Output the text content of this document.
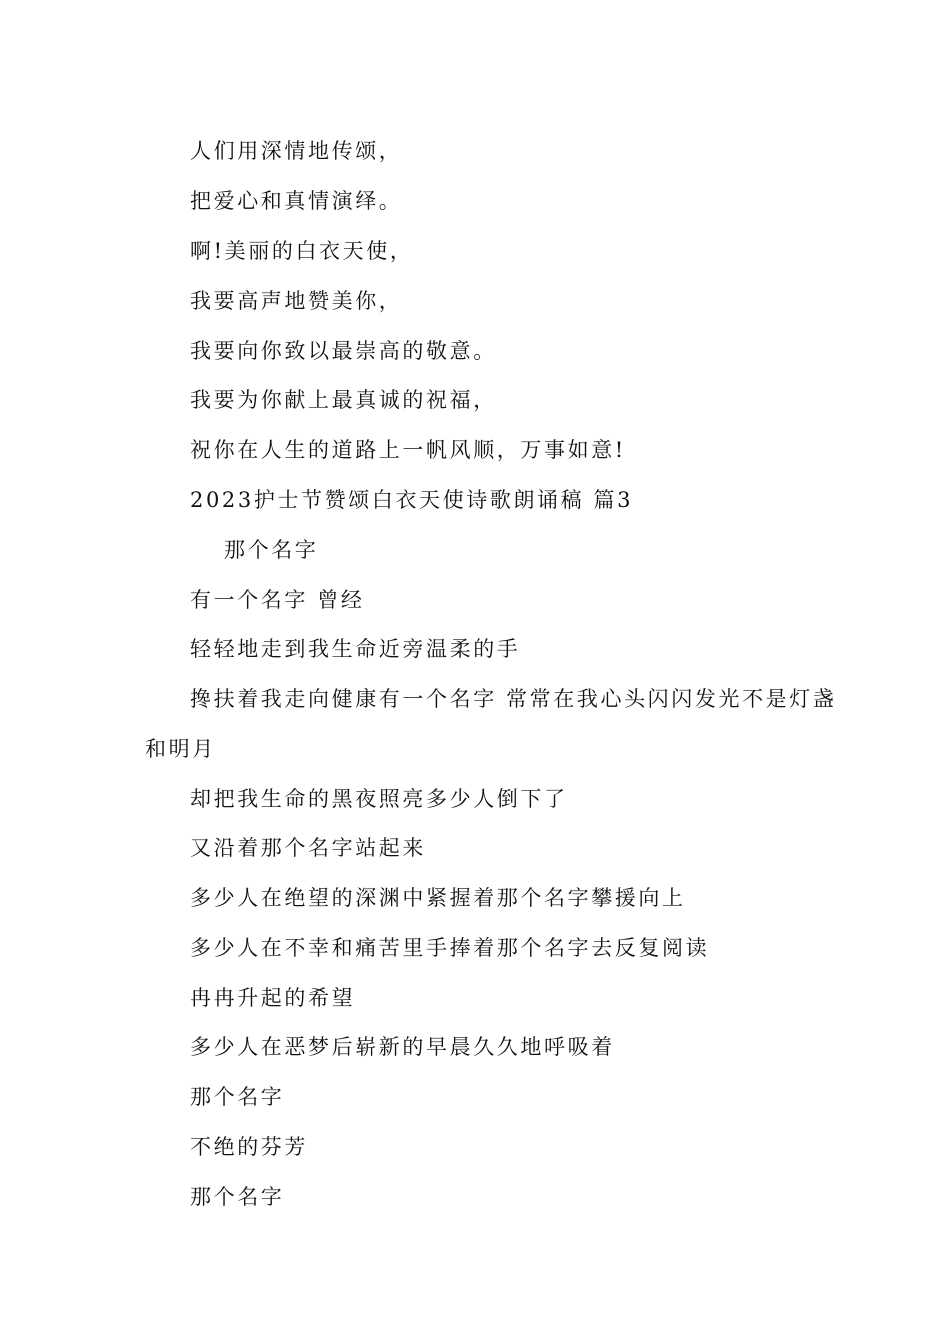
人们用深情地传颂，

把爱心和真情演绎。

啊!美丽的白衣天使，

我要高声地赞美你，

我要向你致以最崇高的敬意。

我要为你献上最真诚的祝福，

祝你在人生的道路上一帆风顺，万事如意!

2023护士节赞颂白衣天使诗歌朗诵稿 篇3

那个名字

有一个名字 曾经

轻轻地走到我生命近旁温柔的手

搀扶着我走向健康有一个名字 常常在我心头闪闪发光不是灯盏

和明月

却把我生命的黑夜照亮多少人倒下了

又沿着那个名字站起来

多少人在绝望的深渊中紧握着那个名字攀援向上

多少人在不幸和痛苦里手捧着那个名字去反复阅读

冉冉升起的希望

多少人在恶梦后崭新的早晨久久地呼吸着

那个名字

不绝的芬芳

那个名字
